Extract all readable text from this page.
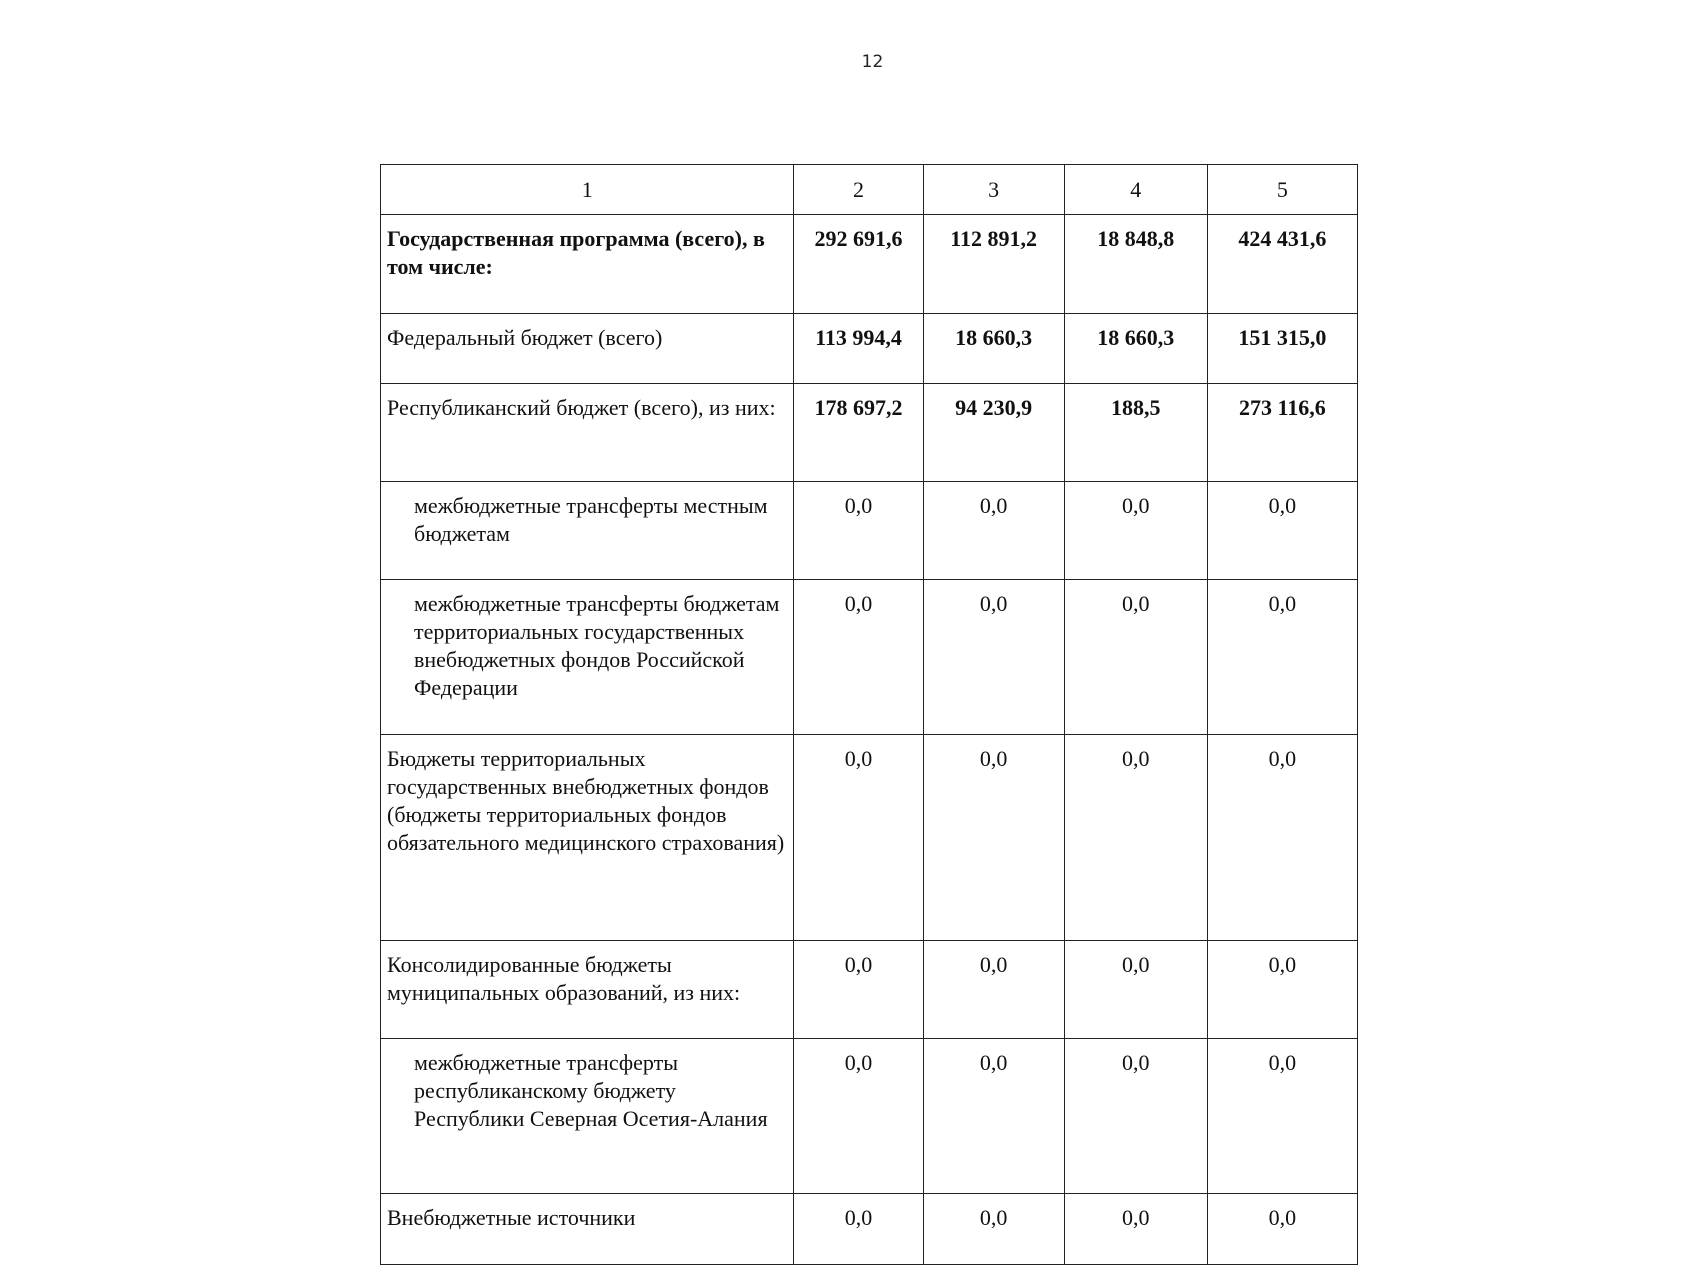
12
1	2	3	4	5
Государственная программа (всего), в том числе:	292 691,6	112 891,2	18 848,8	424 431,6
Федеральный бюджет (всего)	113 994,4	18 660,3	18 660,3	151 315,0
Республиканский бюджет (всего), из них:	178 697,2	94 230,9	188,5	273 116,6
межбюджетные трансферты местным бюджетам	0,0	0,0	0,0	0,0
межбюджетные трансферты бюджетам территориальных государственных внебюджетных фондов Российской Федерации	0,0	0,0	0,0	0,0
Бюджеты территориальных государственных внебюджетных фондов (бюджеты территориальных фондов обязательного медицинского страхования)	0,0	0,0	0,0	0,0
Консолидированные бюджеты муниципальных образований, из них:	0,0	0,0	0,0	0,0
межбюджетные трансферты республиканскому бюджету Республики Северная Осетия-Алания	0,0	0,0	0,0	0,0
Внебюджетные источники	0,0	0,0	0,0	0,0
